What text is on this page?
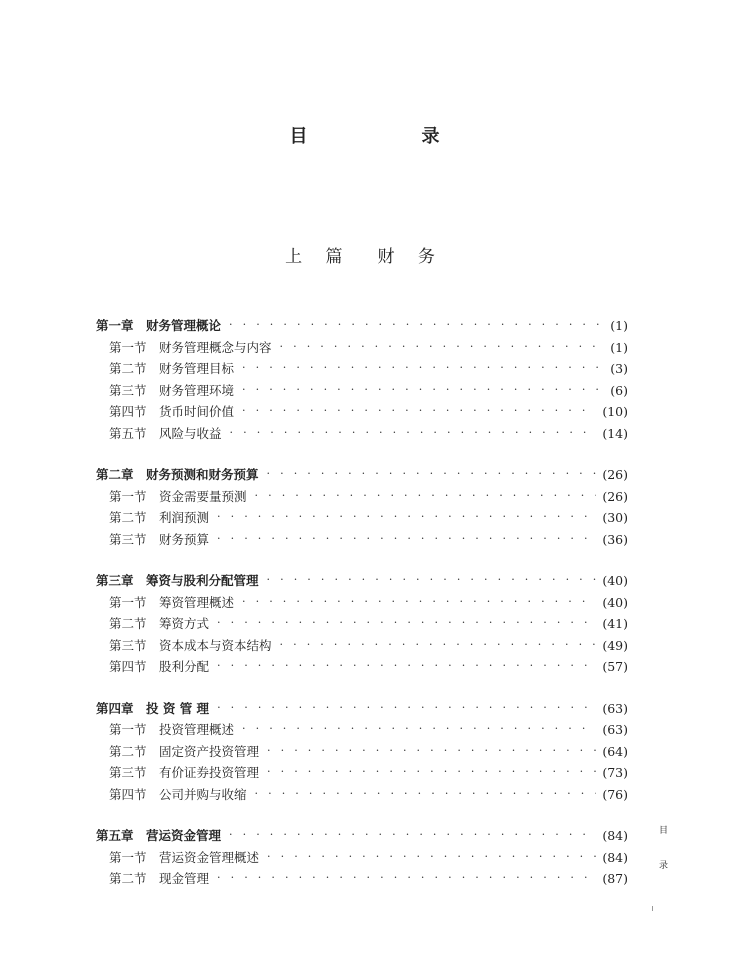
目　录
上 篇 财 务
第一章　财务管理概论 . . .	(1)
第一节　财务管理概念与内容 . . .	(1)
第二节　财务管理目标 . . .	(3)
第三节　财务管理环境 . . .	(6)
第四节　货币时间价值 . . .	(10)
第五节　风险与收益 . . .	(14)
第二章　财务预测和财务预算 . . .	(26)
第一节　资金需要量预测 . . .	(26)
第二节　利润预测 . . .	(30)
第三节　财务预算 . . .	(36)
第三章　筹资与股利分配管理 . . .	(40)
第一节　筹资管理概述 . . .	(40)
第二节　筹资方式 . . .	(41)
第三节　资本成本与资本结构 . . .	(49)
第四节　股利分配 . . .	(57)
第四章　投 资 管 理 . . .	(63)
第一节　投资管理概述 . . .	(63)
第二节　固定资产投资管理 . . .	(64)
第三节　有价证券投资管理 . . .	(73)
第四节　公司并购与收缩 . . .	(76)
第五章　营运资金管理 . . .	(84)
第一节　营运资金管理概述 . . .	(84)
第二节　现金管理 . . .	(87)
目
录
